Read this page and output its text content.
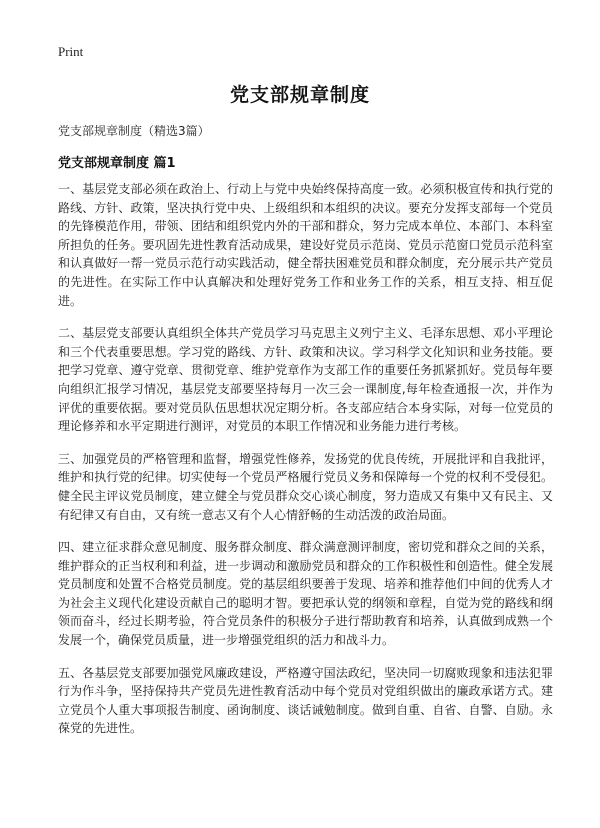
Print
党支部规章制度
党支部规章制度（精选3篇）
党支部规章制度 篇1

一、基层党支部必须在政治上、行动上与党中央始终保持高度一致。必须积极宣传和执行党的路线、方针、政策，坚决执行党中央、上级组织和本组织的决议。要充分发挥支部每一个党员的先锋模范作用，带领、团结和组织党内外的干部和群众，努力完成本单位、本部门、本科室所担负的任务。要巩固先进性教育活动成果，建设好党员示范岗、党员示范窗口党员示范科室和认真做好一帮一党员示范行动实践活动，健全帮扶困难党员和群众制度，充分展示共产党员的先进性。在实际工作中认真解决和处理好党务工作和业务工作的关系，相互支持、相互促进。

二、基层党支部要认真组织全体共产党员学习马克思主义列宁主义、毛泽东思想、邓小平理论和三个代表重要思想。学习党的路线、方针、政策和决议。学习科学文化知识和业务技能。要把学习党章、遵守党章、贯彻党章、维护党章作为支部工作的重要任务抓紧抓好。党员每年要向组织汇报学习情况，基层党支部要坚持每月一次三会一课制度,每年检查通报一次，并作为评优的重要依据。要对党员队伍思想状况定期分析。各支部应结合本身实际，对每一位党员的理论修养和水平定期进行测评，对党员的本职工作情况和业务能力进行考核。

三、加强党员的严格管理和监督，增强党性修养，发扬党的优良传统，开展批评和自我批评，维护和执行党的纪律。切实使每一个党员严格履行党员义务和保障每一个党的权利不受侵犯。健全民主评议党员制度，建立健全与党员群众交心谈心制度，努力造成又有集中又有民主、又有纪律又有自由，又有统一意志又有个人心情舒畅的生动活泼的政治局面。

四、建立征求群众意见制度、服务群众制度、群众满意测评制度，密切党和群众之间的关系，维护群众的正当权利和利益，进一步调动和激励党员和群众的工作积极性和创造性。健全发展党员制度和处置不合格党员制度。党的基层组织要善于发现、培养和推荐他们中间的优秀人才为社会主义现代化建设贡献自己的聪明才智。要把承认党的纲领和章程，自觉为党的路线和纲领而奋斗，经过长期考验，符合党员条件的积极分子进行帮助教育和培养，认真做到成熟一个发展一个，确保党员质量，进一步增强党组织的活力和战斗力。

五、各基层党支部要加强党风廉政建设，严格遵守国法政纪，坚决同一切腐败现象和违法犯罪行为作斗争，坚持保持共产党员先进性教育活动中每个党员对党组织做出的廉政承诺方式。建立党员个人重大事项报告制度、函询制度、谈话诫勉制度。做到自重、自省、自警、自励。永葆党的先进性。
